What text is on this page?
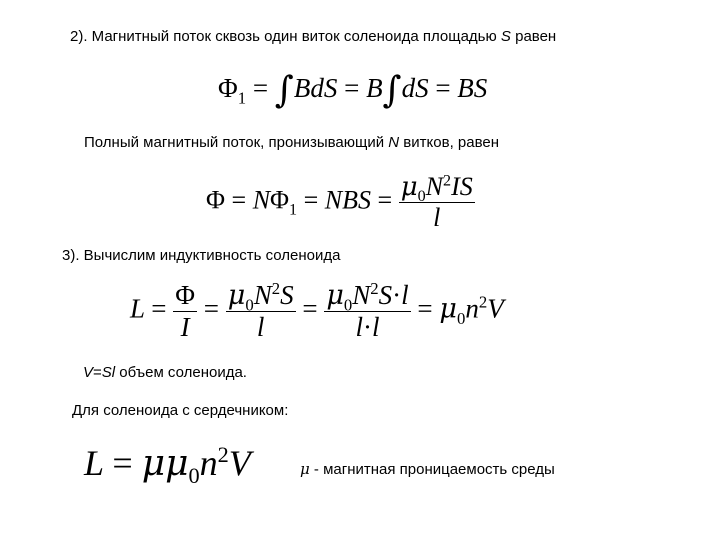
2). Магнитный поток сквозь один виток соленоида площадью S равен
$\Phi_1 = \int BdS = B\int dS$ = BS
Полный магнитный поток, пронизывающий N витков, равен
$\Phi = N\Phi_1$ = NBS = $\frac{\mu_0N^2IS}{l}$
3). Вычислим индуктивность соленоида
$L = \frac{\Phi}{I} = \frac{\mu_0N^2S}{l} = \frac{\mu_0N^2S\cdot l}{l\cdot l} = \mu_0n^2V$
V=Sl объем соленоида.
Для соленоида с сердечником:
$L = \mu\mu_0n^2V$	μ - магнитная проницаемость среды
